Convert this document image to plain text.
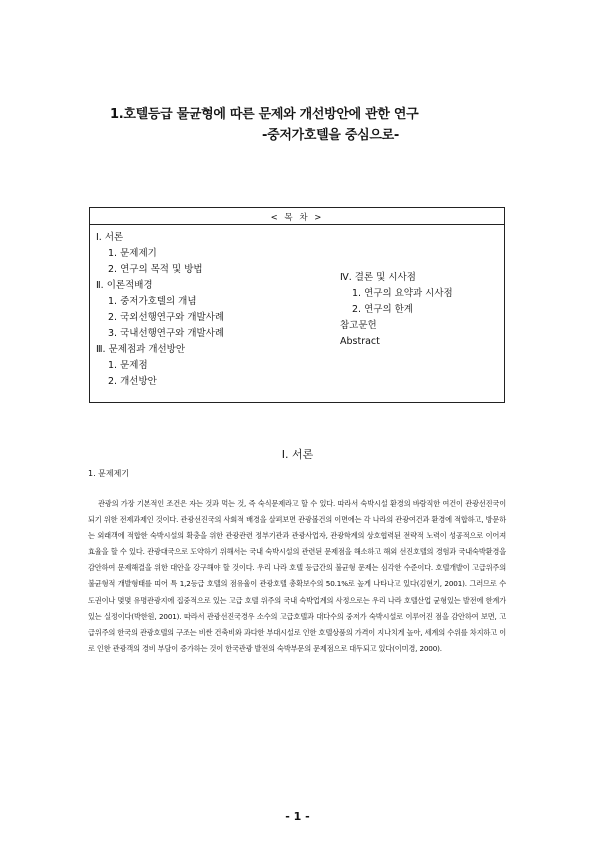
1.호텔등급 물균형에 따른 문제와 개선방안에 관한 연구
-중저가호텔을 중심으로-
< 목 차 >
Ⅰ. 서론
1. 문제제기
2. 연구의 목적 및 방법
Ⅱ. 이론적배경
1. 중저가호텔의 개념
2. 국외선행연구와 개발사례
3. 국내선행연구와 개발사례
Ⅲ. 문제점과 개선방안
1. 문제점
2. 개선방안
Ⅳ. 결론 및 시사점
1. 연구의 요약과 시사점
2. 연구의 한계
참고문헌
Abstract
Ⅰ. 서론
1. 문제제기
관광의 가장 기본적인 조건은 자는 것과 먹는 것, 즉 숙식문제라고 할 수 있다. 따라서 숙박시설 환경의 바람직한 여건이 관광선진국이 되기 위한 전제과제인 것이다. 관광선진국의 사회적 배경을 살펴보면 관광볼건의 이면에는 각 나라의 관광여건과 환경에 적합하고, 방문하는 외래객에 적합한 숙박시설의 확충을 위한 관광관련 정부기관과 관광사업자, 관광학계의 상호협력된 전략적 노력이 성공적으로 이어져 효율을 할 수 있다. 관광대국으로 도약하기 위해서는 국내 숙박시설의 관련된 문제점을 해소하고 해외 선진호텔의 경험과 국내숙박환경을 감안하여 문제해결을 위한 대안을 강구해야 할 것이다. 우리 나라 호텔 등급간의 불균형 문제는 심각한 수준이다. 호텔개발이 고급위주의 불균형적 개발형태를 띠어 특 1,2등급 호텔의 점유율이 관광호텔 총확보수의 50.1%로 높게 나타나고 있다(김현기, 2001). 그러므로 수도권이나 몇몇 유명관광지에 집중적으로 있는 고급 호텔 위주의 국내 숙박업계의 사정으로는 우리 나라 호텔산업 균형있는 발전에 한계가 있는 실정이다(박한원, 2001). 따라서 관광선진국경우 소수의 고급호텔과 대다수의 중저가 숙박시설로 이루어진 점을 감안하여 보면, 고급위주의 한국의 관광호텔의 구조는 비싼 건축비와 과다한 부대시설로 인한 호텔상품의 가격이 지나치게 높아, 세계의 수위를 차지하고 이로 인한 관광객의 경비 부담이 증가하는 것이 한국관광 발전의 숙박부문의 문제점으로 대두되고 있다(이미경, 2000).
- 1 -
